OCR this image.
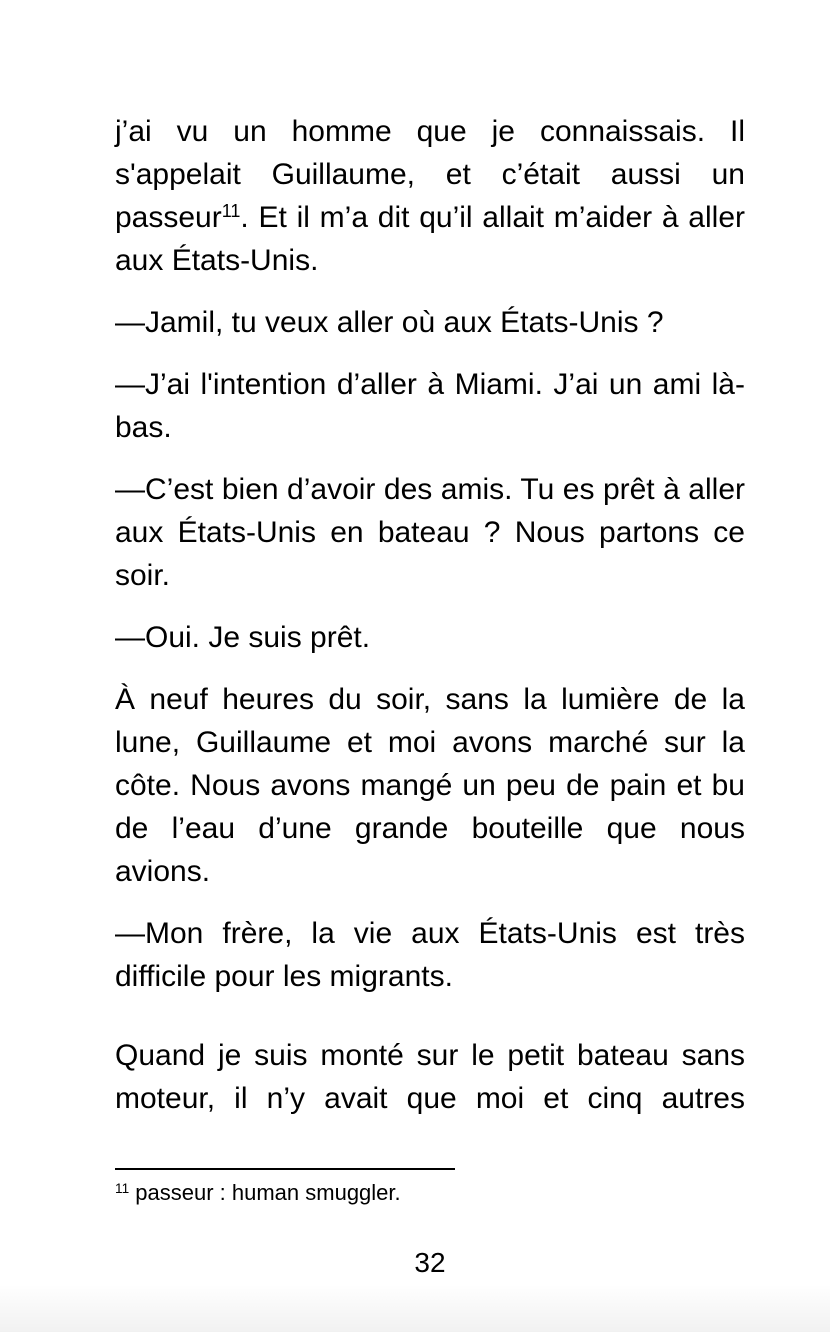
j’ai vu un homme que je connaissais. Il s'appelait Guillaume, et c’était aussi un passeur$^{11}$. Et il m’a dit qu’il allait m’aider à aller aux États-Unis.

—Jamil, tu veux aller où aux États-Unis ?

—J’ai l'intention d’aller à Miami. J’ai un ami là-bas.

—C’est bien d’avoir des amis. Tu es prêt à aller aux États-Unis en bateau ? Nous partons ce soir.

—Oui. Je suis prêt.

À neuf heures du soir, sans la lumière de la lune, Guillaume et moi avons marché sur la côte. Nous avons mangé un peu de pain et bu de l’eau d’une grande bouteille que nous avions.

—Mon frère, la vie aux États-Unis est très difficile pour les migrants.

Quand je suis monté sur le petit bateau sans moteur, il n’y avait que moi et cinq autres

$^{11}$ passeur : human smuggler.
32
